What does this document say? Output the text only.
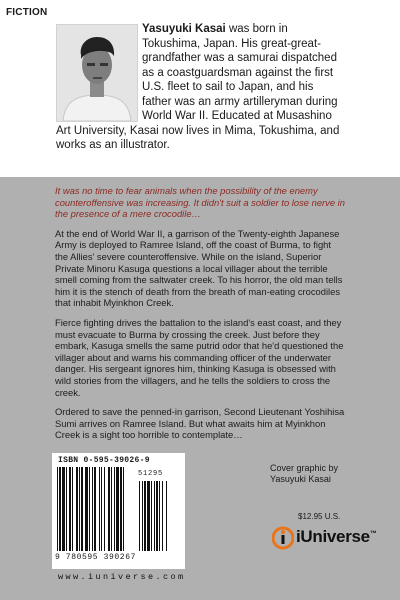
FICTION
Yasuyuki Kasai was born in Tokushima, Japan. His great-great-grandfather was a samurai dispatched as a coastguardsman against the first U.S. fleet to sail to Japan, and his father was an army artilleryman during World War II. Educated at Musashino Art University, Kasai now lives in Mima, Tokushima, and works as an illustrator.

It was no time to fear animals when the possibility of the enemy counteroffensive was increasing. It didn't suit a soldier to lose nerve in the presence of a mere crocodile…

At the end of World War II, a garrison of the Twenty-eighth Japanese Army is deployed to Ramree Island, off the coast of Burma, to fight the Allies' severe counteroffensive. While on the island, Superior Private Minoru Kasuga questions a local villager about the terrible smell coming from the saltwater creek. To his horror, the old man tells him it is the stench of death from the breath of man-eating crocodiles that inhabit Myinkhon Creek.

Fierce fighting drives the battalion to the island's east coast, and they must evacuate to Burma by crossing the creek. Just before they embark, Kasuga smells the same putrid odor that he'd questioned the villager about and warns his commanding officer of the underwater danger. His sergeant ignores him, thinking Kasuga is obsessed with wild stories from the villagers, and he tells the soldiers to cross the creek.

Ordered to save the penned-in garrison, Second Lieutenant Yoshihisa Sumi arrives on Ramree Island. But what awaits him at Myinkhon Creek is a sight too horrible to contemplate…

ISBN 0-595-39026-9
51295
9 780595 390267
www.iuniverse.com
Cover graphic by Yasuyuki Kasai
$12.95 U.S.
iUniverse™
